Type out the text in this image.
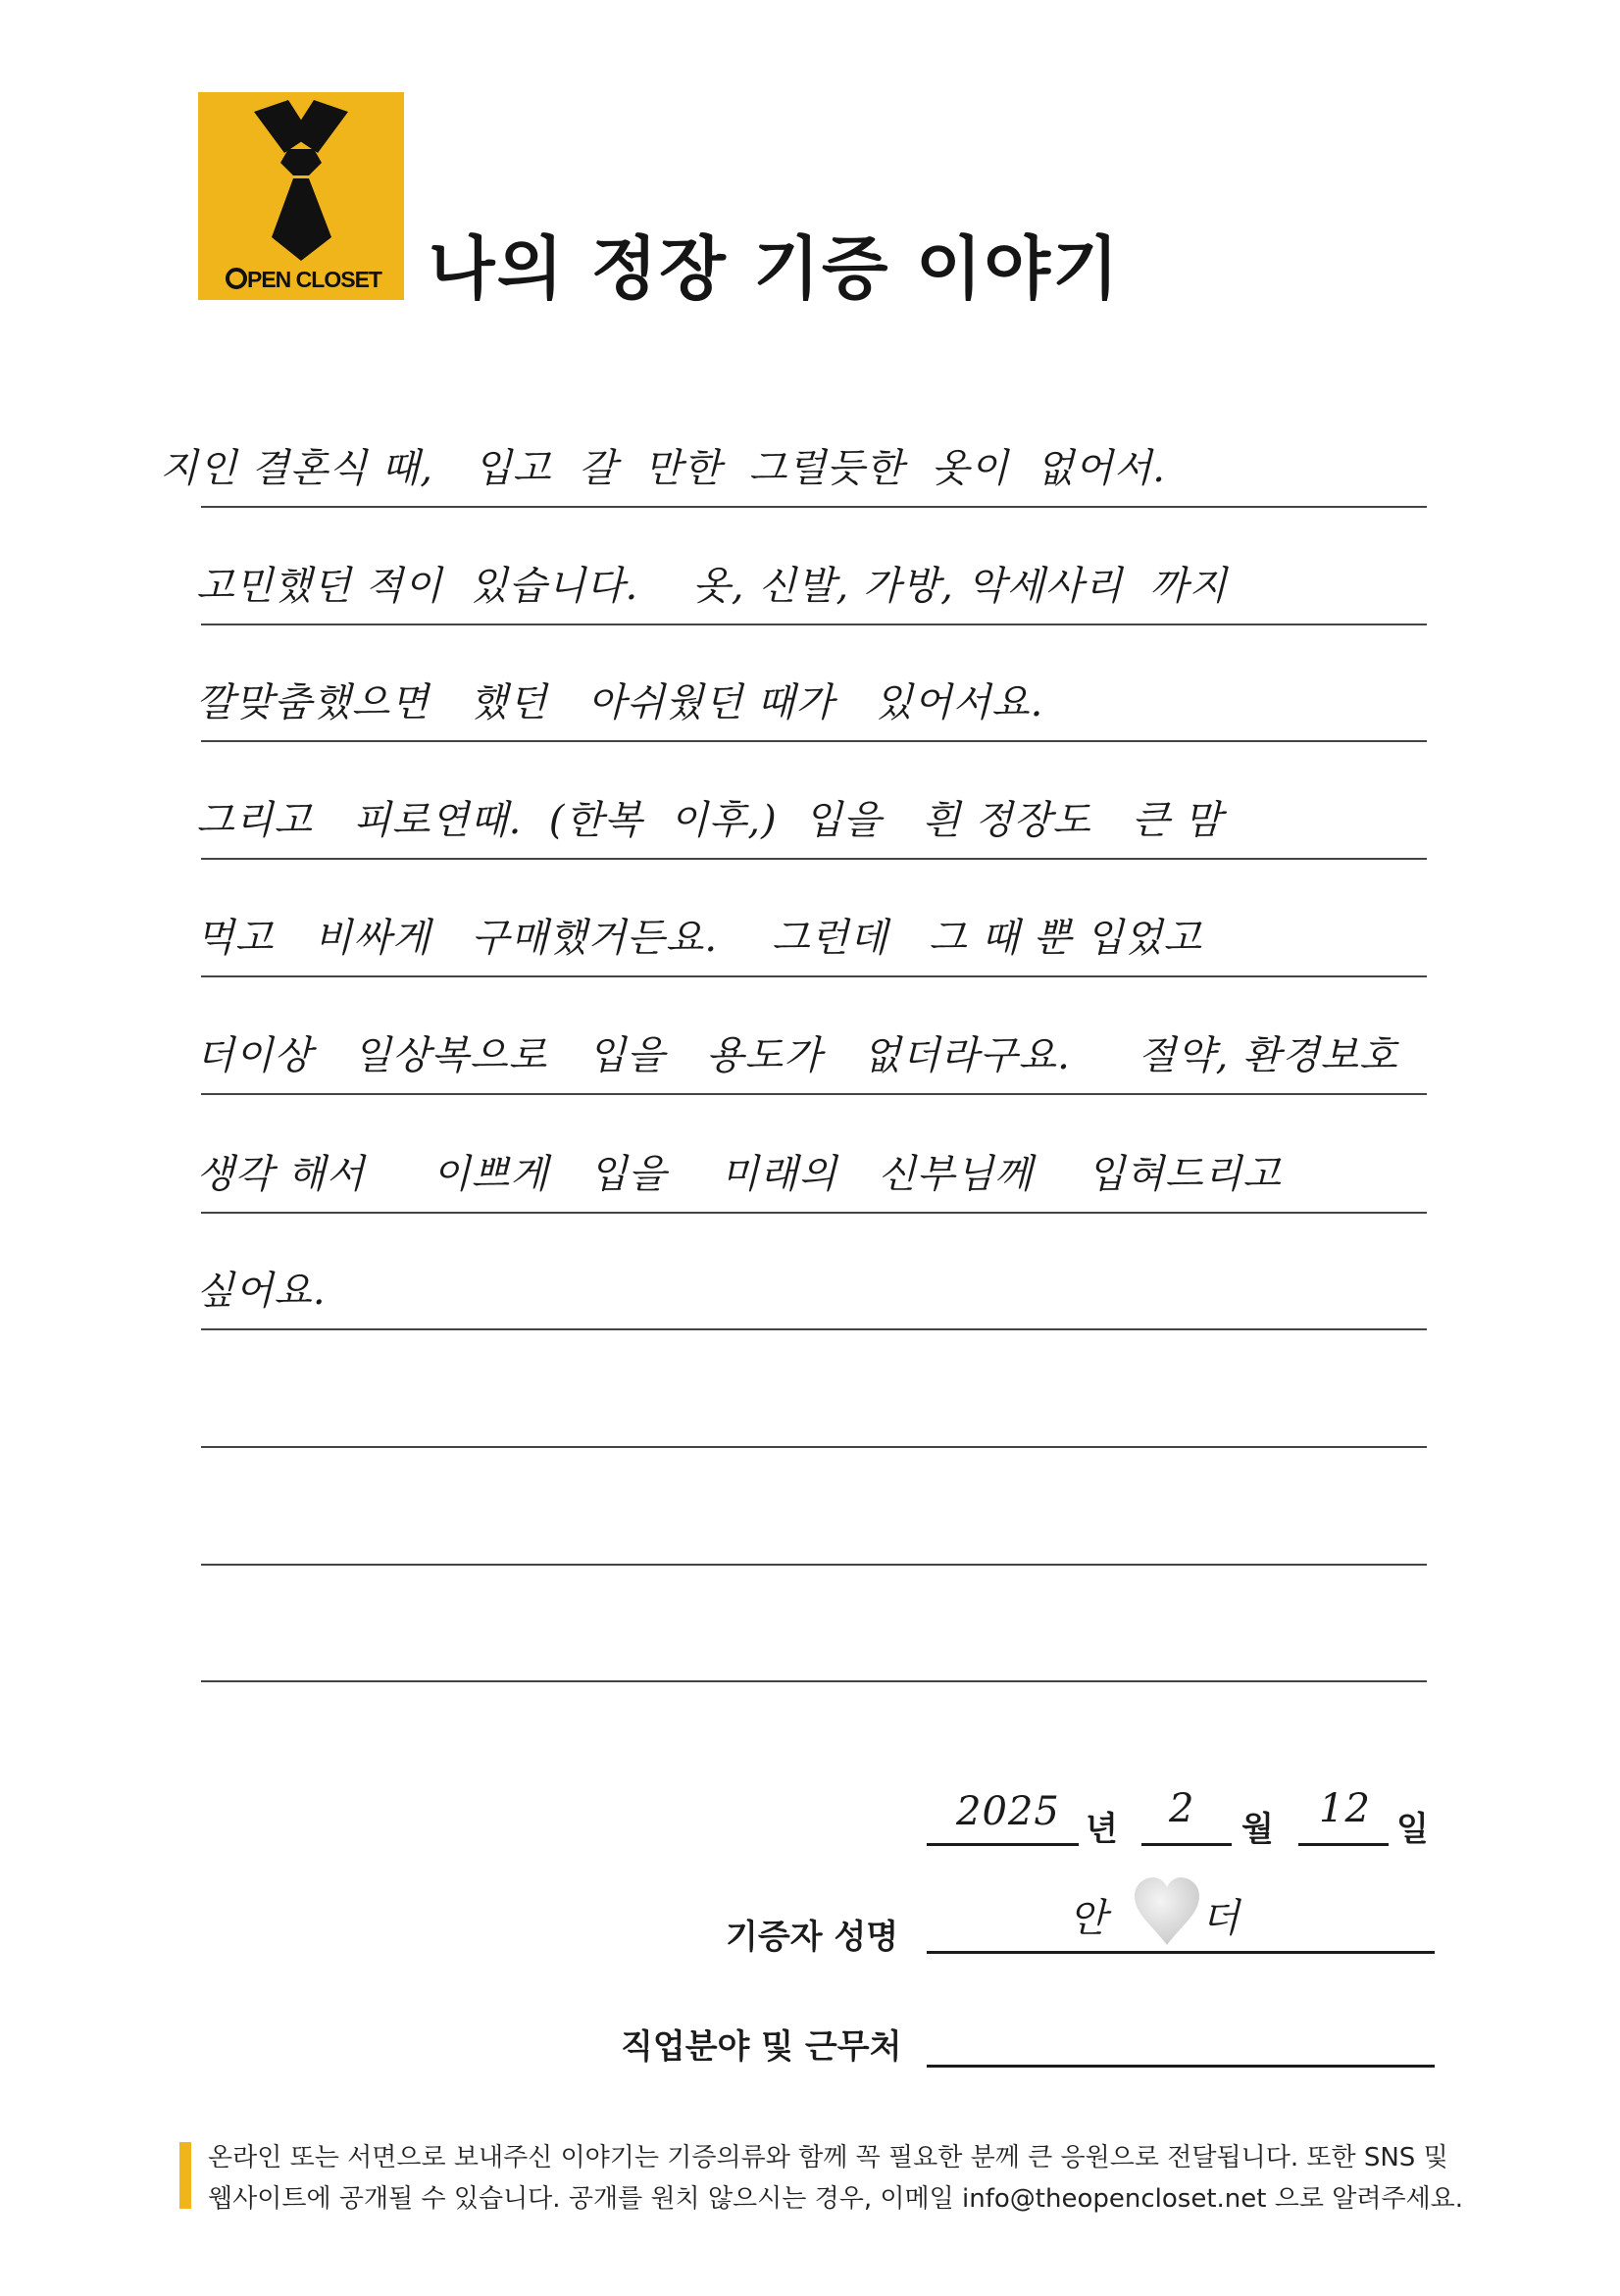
PEN CLOSET 나의 정장 기증 이야기
지인 결혼식 때,   입고  갈  만한  그럴듯한  옷이  없어서.
고민했던 적이  있습니다.    옷, 신발, 가방, 악세사리  까지
깔맞춤했으면   했던   아쉬웠던 때가   있어서요.
그리고   피로연때.  (한복  이후,)  입을   흰 정장도   큰 맘
먹고   비싸게   구매했거든요.    그런데   그 때 뿐 입었고
더이상   일상복으로   입을   용도가   없더라구요.     절약, 환경보호
생각 해서     이쁘게   입을    미래의   신부님께    입혀드리고
싶어요.
2025 년 2 월 12 일
기증자 성명	안 더
직업분야 및 근무처
온라인 또는 서면으로 보내주신 이야기는 기증의류와 함께 꼭 필요한 분께 큰 응원으로 전달됩니다. 또한 SNS 및
웹사이트에 공개될 수 있습니다. 공개를 원치 않으시는 경우, 이메일 info@theopencloset.net 으로 알려주세요.
